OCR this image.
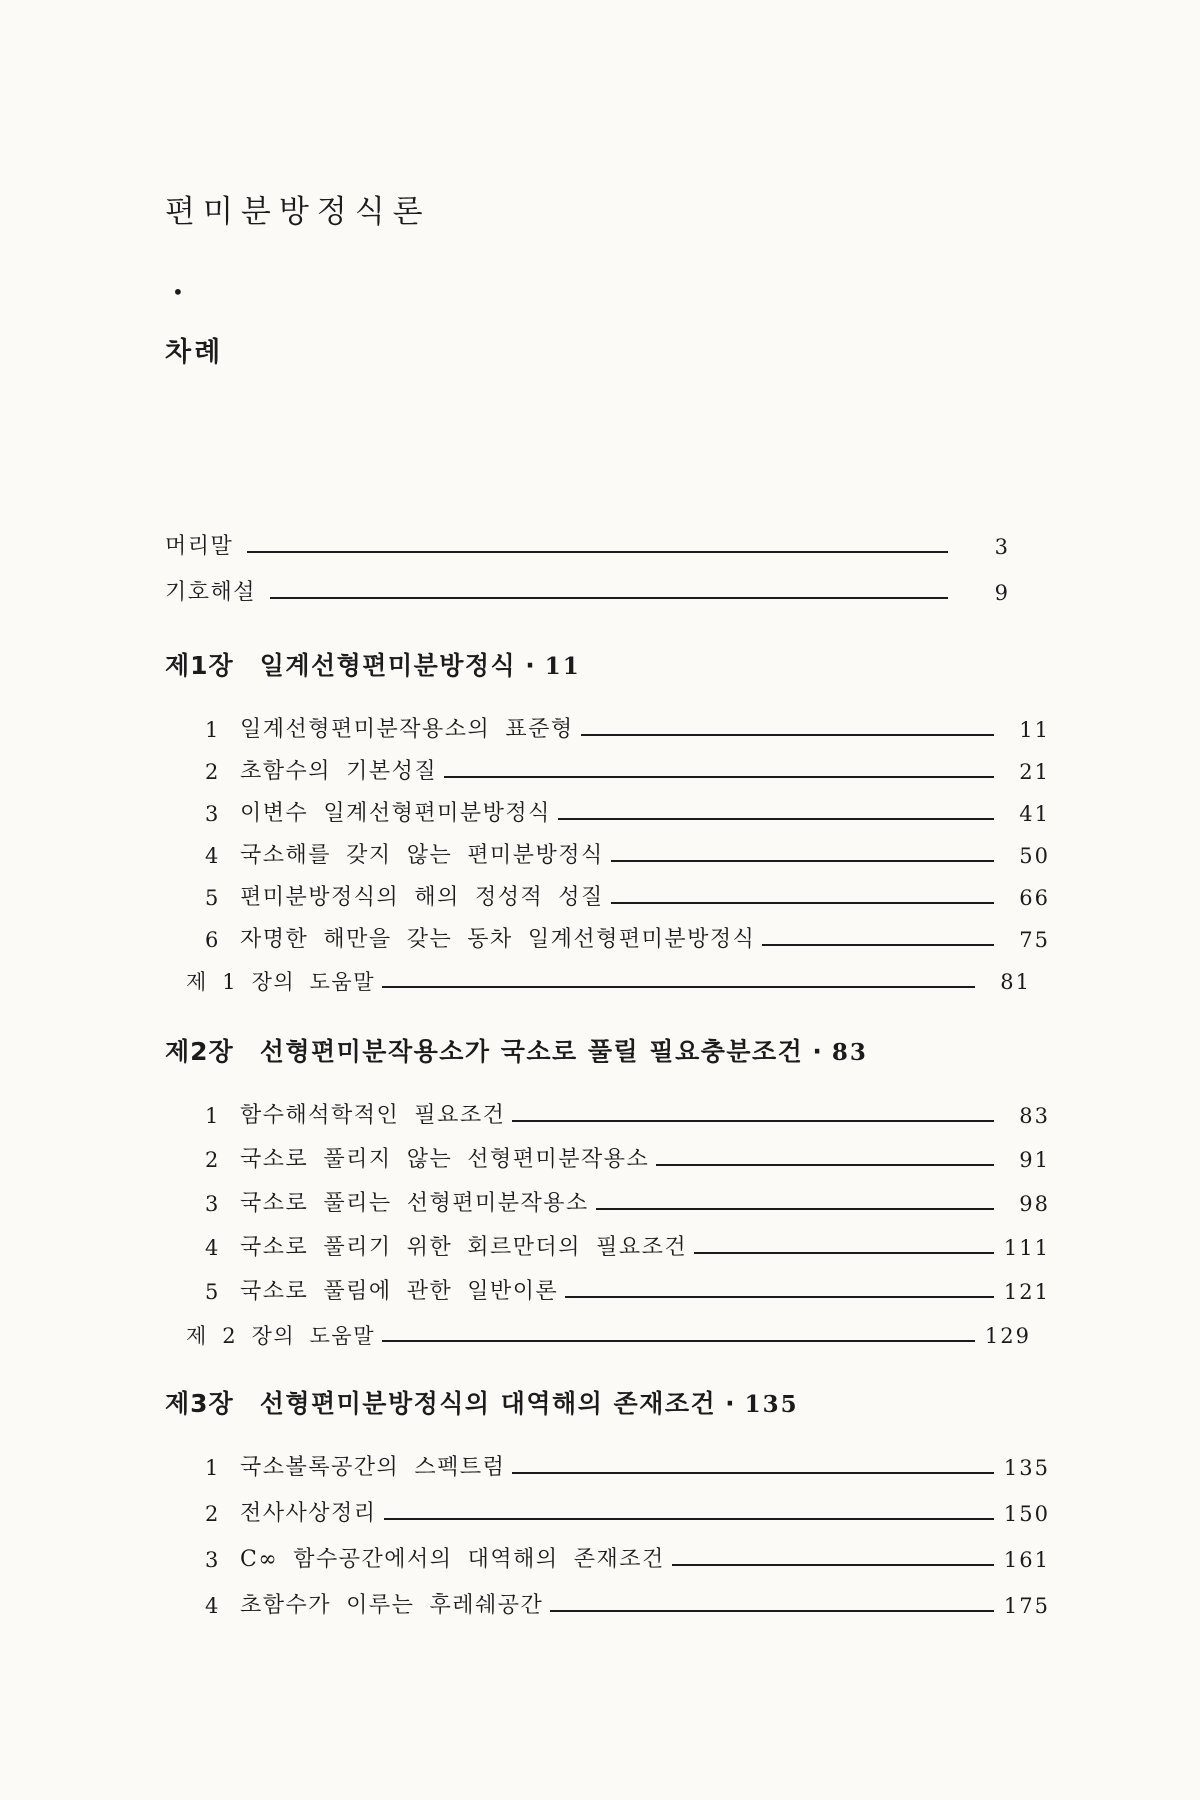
편미분방정식론
•
차례
머리말	3
기호해설	9
제1장 일계선형편미분방정식 · 11
1 일계선형편미분작용소의 표준형	11
2 초함수의 기본성질	21
3 이변수 일계선형편미분방정식	41
4 국소해를 갖지 않는 편미분방정식	50
5 편미분방정식의 해의 정성적 성질	66
6 자명한 해만을 갖는 동차 일계선형편미분방정식	75
제 1 장의 도움말	81
제2장 선형편미분작용소가 국소로 풀릴 필요충분조건 · 83
1 함수해석학적인 필요조건	83
2 국소로 풀리지 않는 선형편미분작용소	91
3 국소로 풀리는 선형편미분작용소	98
4 국소로 풀리기 위한 회르만더의 필요조건	111
5 국소로 풀림에 관한 일반이론	121
제 2 장의 도움말	129
제3장 선형편미분방정식의 대역해의 존재조건 · 135
1 국소볼록공간의 스펙트럼	135
2 전사사상정리	150
3 C∞ 함수공간에서의 대역해의 존재조건	161
4 초함수가 이루는 후레쉐공간	175
